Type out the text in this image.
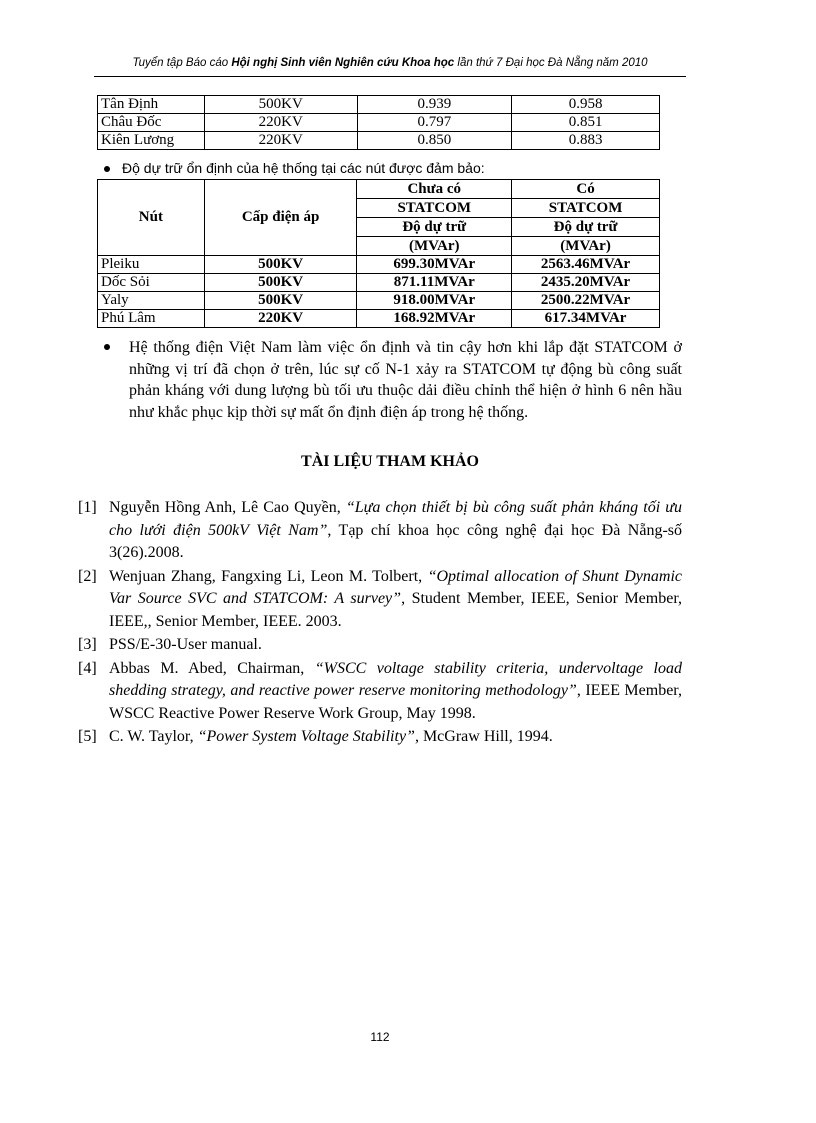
Tuyển tập Báo cáo Hội nghị Sinh viên Nghiên cứu Khoa học lần thứ 7 Đại học Đà Nẵng năm 2010
Tân Định	500KV	0.939	0.958
Châu Đốc	220KV	0.797	0.851
Kiên Lương	220KV	0.850	0.883
Độ dự trữ ổn định của hệ thống tại các nút được đảm bảo:
Nút	Cấp điện áp	Chưa có	Có
		STATCOM	STATCOM
		Độ dự trữ	Độ dự trữ
		(MVAr)	(MVAr)
Pleiku	500KV	699.30MVAr	2563.46MVAr
Dốc Sỏi	500KV	871.11MVAr	2435.20MVAr
Yaly	500KV	918.00MVAr	2500.22MVAr
Phú Lâm	220KV	168.92MVAr	617.34MVAr
Hệ thống điện Việt Nam làm việc ổn định và tin cậy hơn khi lắp đặt STATCOM ở những vị trí đã chọn ở trên, lúc sự cố N-1 xảy ra STATCOM tự động bù công suất phản kháng với dung lượng bù tối ưu thuộc dải điều chỉnh thể hiện ở hình 6 nên hầu như khắc phục kịp thời sự mất ổn định điện áp trong hệ thống.
TÀI LIỆU THAM KHẢO
[1] Nguyễn Hồng Anh, Lê Cao Quyền, “Lựa chọn thiết bị bù công suất phản kháng tối ưu cho lưới điện 500kV Việt Nam”, Tạp chí khoa học công nghệ đại học Đà Nẵng-số 3(26).2008.
[2] Wenjuan Zhang, Fangxing Li, Leon M. Tolbert, “Optimal allocation of Shunt Dynamic Var Source SVC and STATCOM: A survey”, Student Member, IEEE, Senior Member, IEEE,, Senior Member, IEEE. 2003.
[3] PSS/E-30-User manual.
[4] Abbas M. Abed, Chairman, “WSCC voltage stability criteria, undervoltage load shedding strategy, and reactive power reserve monitoring methodology”, IEEE Member, WSCC Reactive Power Reserve Work Group, May 1998.
[5] C. W. Taylor, “Power System Voltage Stability”, McGraw Hill, 1994.
112
